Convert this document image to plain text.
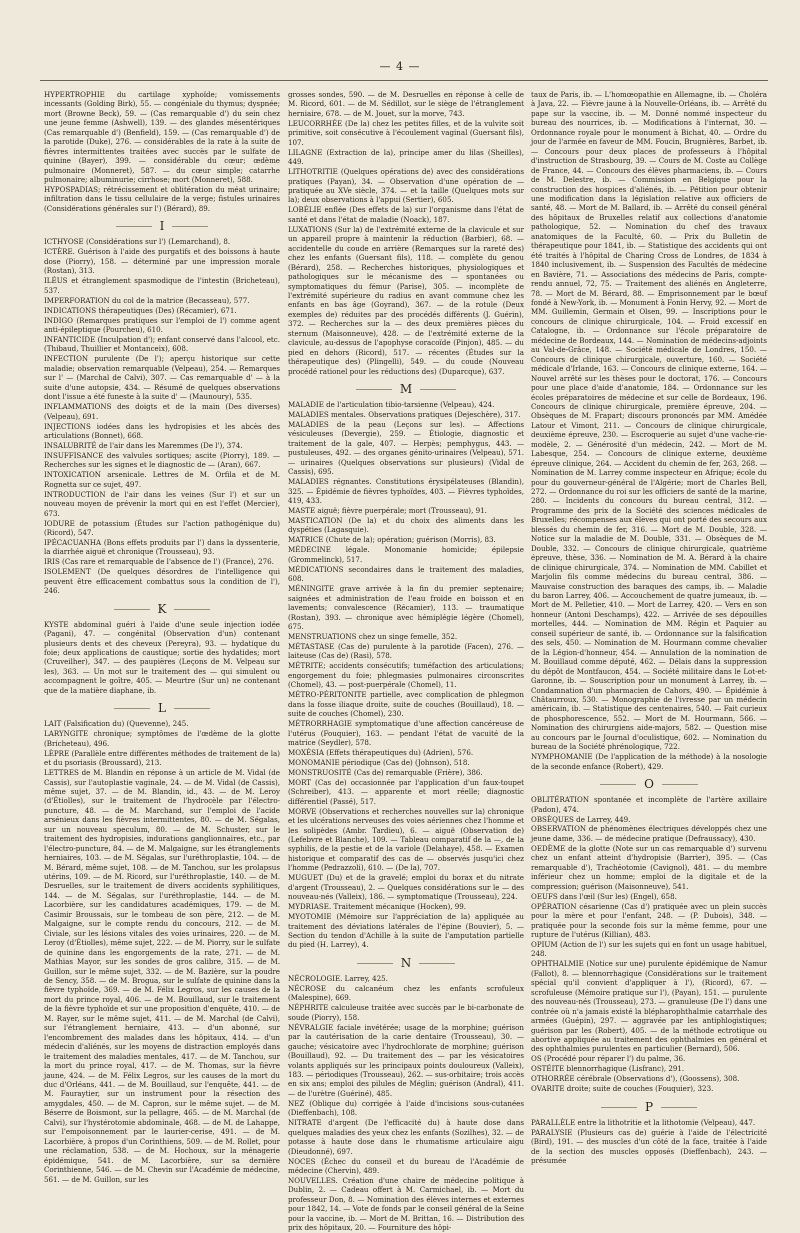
— 4 —

HYPERTROPHIE du cartilage xyphoïde; vomissements incessants (Golding Birk), 55. — congéniale du thymus; dyspnée; mort (Browne Beck), 59. — (Cas remarquable d') du sein chez une jeune femme (Ashwell), 139. — des glandes mésentériques (Cas remarquable d') (Benfield), 159. — (Cas remarquable d') de la parotide (Duke), 276. — considérables de la rate à la suite de fièvres intermittentes traitées avec succès par le sulfate de quinine (Bayer), 399. — considérable du cœur; œdème pulmonaire (Monneret), 587. — du cœur simple; catarrhe pulmonaire; albuminurie; cirrhose; mort (Monneret), 588.

HYPOSPADIAS; rétrécissement et oblitération du méat urinaire; infiltration dans le tissu cellulaire de la verge; fistules urinaires (Considérations générales sur l') (Bérard), 89.

I

ICTHYOSE (Considérations sur l') (Lemarchand), 8.

ICTÈRE. Guérison à l'aide des purgatifs et des boissons à haute dose (Piorry), 158. — déterminé par une impression morale (Rostan), 313.

ILÉUS et étranglement spasmodique de l'intestin (Bricheteau), 537.

IMPERFORATION du col de la matrice (Becasseau), 577.

INDICATIONS thérapeutiques (Des) (Récamier), 671.

INDIGO (Remarques pratiques sur l'emploi de l') comme agent anti-épileptique (Pourcheu), 610.

INFANTICIDE (Inculpation d'); enfant conservé dans l'alcool, etc. (Thibaud, Thuillier et Montanceix), 608.

INFECTION purulente (De l'); aperçu historique sur cette maladie; observation remarquable (Velpeau), 254. — Remarques sur l' — (Marchal de Calvi), 307. — Cas remarquable d' — à la suite d'une autopsie, 434. — Résumé de quelques observations dont l'issue a été funeste à la suite d' — (Maunoury), 535.

INFLAMMATIONS des doigts et de la main (Des diverses) (Velpeau), 691.

INJECTIONS iodées dans les hydropisies et les abcès des articulations (Bonnet), 668.

INSALUBRITÉ de l'air dans les Maremmes (De l'), 374.

INSUFFISANCE des valvules sortiques; ascite (Piorry), 189. — Recherches sur les signes et le diagnostic de — (Aran), 667.

INTOXICATION arsenicale. Lettres de M. Orfila et de M. Rognetta sur ce sujet, 497.

INTRODUCTION de l'air dans les veines (Sur l') et sur un nouveau moyen de prévenir la mort qui en est l'effet (Mercier), 673.

IODURE de potassium (Études sur l'action pathogénique du) (Ricord), 547.

IPÉCACUANHA (Bons effets produits par l') dans la dyssenterie, la diarrhée aiguë et chronique (Trousseau), 93.

IRIS (Cas rare et remarquable de l'absence de l') (France), 276.

ISOLEMENT (De quelques désordres de l'intelligence qui peuvent être efficacement combattus sous la condition de l'), 246.

K

KYSTE abdominal guéri à l'aide d'une seule injection iodée (Pagani), 47. — congénital (Observation d'un) contenant plusieurs dents et des cheveux (Pereyra), 93. — hydatique du foie; deux applications de caustique; sortie des hydatides; mort (Cruveilher), 347. — des paupières (Leçons de M. Velpeau sur les), 363. — Un mot sur le traitement des — qui simulent ou accompagnent le goître, 405. — Meurtre (Sur un) ne contenant que de la matière diaphane, ib.

L

LAIT (Falsification du) (Quevenne), 245.

LARYNGITE chronique; symptômes de l'œdème de la glotte (Bricheteau), 496.

LÈPRE (Parallèle entre différentes méthodes de traitement de la) et du psoriasis (Broussard), 213.

LETTRES de M. Blandin en réponse à un article de M. Vidal (de Cassis), sur l'autoplastie vaginale, 24. — de M. Vidal (de Cassis), même sujet, 37. — de M. Blandin, id., 43. — de M. Leroy (d'Étiolles), sur le traitement de l'hydrocèle par l'électro-puncture, 48. — de M. Marchand, sur l'emploi de l'acide arsénieux dans les fièvres intermittentes, 80. — de M. Ségalas, sur un nouveau speculum, 80. — de M. Schuster, sur le traitement des hydropisies, indurations ganglionnaires, etc., par l'électro-puncture, 84. — de M. Malgaigne, sur les étranglements herniaires, 103. — de M. Ségalas, sur l'uréthroplastie, 104. — de M. Bérard, même sujet, 108. — de M. Tanchou, sur les prolapsus utérins, 109. — de M. Ricord, sur l'uréthroplastie, 140. — de M. Desruelles, sur le traitement de divers accidents syphilitiques, 144. — de M. Ségalas, sur l'uréthroplastie, 144. — de M. Lacorbière, sur les candidatures académiques, 179. — de M. Casimir Broussais, sur le tombeau de son père, 212. — de M. Malgaigne, sur le compte rendu du concours, 212. — de M. Civiale, sur les lésions vitales des voies urinaires, 220. — de M. Leroy (d'Étiolles), même sujet, 222. — de M. Piorry, sur le sulfate de quinine dans les engorgements de la rate, 271. — de M. Mathias Mayor, sur les sondes de gros calibre, 315. — de M. Guillon, sur le même sujet, 332. — de M. Bazière, sur la poudre de Sency, 358. — de M. Brogua, sur le sulfate de quinine dans la fièvre typhoïde, 369. — de M. Félix Legros, sur les causes de la mort du prince royal, 406. — de M. Bouillaud, sur le traitement de la fièvre typhoïde et sur une proposition d'enquête, 410. — de M. Rayer, sur le même sujet, 411. — de M. Marchal (de Calvi), sur l'étranglement herniaire, 413. — d'un abonné, sur l'encombrement des malades dans les hôpitaux, 414. — d'un médecin d'aliénés, sur les moyens de distraction employés dans le traitement des maladies mentales, 417. — de M. Tanchou, sur la mort du prince royal, 417. — de M. Thomas, sur la fièvre jaune, 424. — de M. Félix Legros, sur les causes de la mort du duc d'Orléans, 441. — de M. Bouillaud, sur l'enquête, 441. — de M. Fauraytier, sur un instrument pour la résection des amygdales, 450. — de M. Capron, sur le même sujet. — de M. Béserre de Boismont, sur la pellagre, 465. — de M. Marchal (de Calvi), sur l'hystérotomie abdominale, 468. — de M. de Lahappe, sur l'empoisonnement par le laurier-cerise, 491. — de M. Lacorbière, à propos d'un Corinthiens, 509. — de M. Rollet, pour une réclamation, 538. — de M. Hochoux, sur la ménagerie épidémique, 541. de M. Lacorbière, sur sa dernière Corinthienne, 546. — de M. Chevin sur l'Académie de médecine, 561. — de M. Guillon, sur les

grosses sondes, 590. — de M. Desruelles en réponse à celle de M. Ricord, 601. — de M. Sédillot, sur le siège de l'étranglement herniaire, 678. — de M. Jouet, sur la morve, 743.

LEUCORRHÉE (De la) chez les petites filles, et de la vulvite soit primitive, soit consécutive à l'écoulement vaginal (Guersant fils), 107.

LILAGNE (Extraction de la), principe amer du lilas (Sheilles), 449.

LITHOTRITIE (Quelques opérations de) avec des considérations pratiques (Payan), 34. — Observation d'une opération de — pratiquée au XVe siècle, 374. — et la taille (Quelques mots sur la); deux observations à l'appui (Sertier), 605.

LOBÉLIE enflée (Des effets de la) sur l'organisme dans l'état de santé et dans l'état de maladie (Noack), 187.

LUXATIONS (Sur la) de l'extrémité externe de la clavicule et sur un appareil propre à maintenir la réduction (Barbier), 68. — accidentelle du coude en arrière (Remarques sur la rareté des) chez les enfants (Guersant fils), 118. — complète du genou (Bérard), 258. — Recherches historiques, physiologiques et pathologiques sur le mécanisme des — spontanées ou symptomatiques du fémur (Parise), 305. — incomplète de l'extrémité supérieure du radius en avant commune chez les enfants en bas âge (Goyrand), 367. — de la rotule (Deux exemples de) réduites par des procédés différents (J. Guérin), 372. — Recherches sur la — des deux premières pièces du sternum (Maisonneuve), 428. — de l'extrémité externe de la clavicule, au-dessus de l'apophyse coracoïde (Pinjon), 485. — du pied en dehors (Ricord), 517. — récentes (Études sur la thérapeutique des) (Plingelli), 549. — du coude (Nouveau procédé rationel pour les réductions des) (Duparcque), 637.

M

MALADIE de l'articulation tibio-tarsienne (Velpeau), 424.

MALADIES mentales. Observations pratiques (Dejeschère), 317.

MALADIES de la peau (Leçons sur les). — Affections vésiculeuses (Devergie), 259. — Étiologie, diagnostic et traitement de la gale, 407. — Herpès; pemphygus, 443. — pustuleuses, 492. — des organes génito-urinaires (Velpeau), 571. — urinaires (Quelques observations sur plusieurs) (Vidal de Cassis), 695.

MALADIES régnantes. Constitutions érysipélateuses (Blandin), 325. — Épidémie de fièvres typhoïdes, 403. — Fièvres typhoïdes, 419, 433.

MASTE aiguë; fièvre puerpérale; mort (Trousseau), 91.

MASTICATION (De la) et du choix des aliments dans les dyspéties (Lagasquie).

MATRICE (Chute de la); opération; guérison (Morris), 83.

MÉDECINE légale. Monomanie homicide; épilepsie (Grommelinck), 517.

MÉDICATIONS secondaires dans le traitement des maladies, 608.

MÉNINGITE grave arrivée à la fin du premier septenaire; saignées et administration de l'eau froide en boisson et en lavements; convalescence (Récamier), 113. — traumatique (Rostan), 393. — chronique avec hémiplégie légère (Chomel), 675.

MENSTRUATIONS chez un singe femelle, 352.

MÉTASTASE (Cas de) purulente à la parotide (Facen), 276. — laiteuse (Cas de) (Rasi), 578.

MÉTRITE; accidents consécutifs; tuméfaction des articulations; engorgement du foie; phlegmasies pulmonaires circonscrites (Chomel), 43. — post-puerpérale (Chomel), 11.

MÉTRO-PÉRITONITE partielle, avec complication de phlegmon dans la fosse iliaque droite, suite de couches (Bouillaud), 18. — suite de couches (Chomel), 230.

MÉTRORRHAGIE symptomatique d'une affection cancéreuse de l'utérus (Fouquier), 163. — pendant l'état de vacuité de la matrice (Seydler), 578.

MOXÉSIA (Effets thérapeutiques du) (Adrien), 576.

MONOMANIE périodique (Cas de) (Johnson), 518.

MONSTRUOSITÉ (Cas de) remarquable (Frière), 386.

MORT (Cas de) occasionnée par l'application d'un faux-toupet (Schreiber), 413. — apparente et mort réelle; diagnostic différentiel (Passé), 517.

MORVE (Observations et recherches nouvelles sur la) chronique et les ulcérations nerveuses des voies aériennes chez l'homme et les solipèdes (Ambr. Tardieu), 6. — aiguë (Observation de) (Lefebvre et Blanche), 109. — Tableau comparatif de la —, de la syphilis, de la pestie et de la variole (Delahaye), 458. — Examen historique et comparatif des cas de — observés jusqu'ici chez l'homme (Pedrazzoli), 610. — (De la), 707.

MUGUET (Du) et de la gravelé; emploi du borax et du nitrate d'argent (Trousseau), 2. — Quelques considérations sur le — des nouveau-nés (Valleix), 186. — symptomatique (Trousseau), 224.

MYDRIASE. Traitement mécanique (Hocken), 99.

MYOTOMIE (Mémoire sur l'appréciation de la) appliquée au traitement des déviations latérales de l'épine (Bouvier), 5. — Section du tendon d'Achille à la suite de l'amputation partielle du pied (H. Larrey), 4.

N

NÉCROLOGIE. Larrey, 425.

NÉCROSE du calcanéum chez les enfants scrofuleux (Malespine), 669.

NÉPHRITE calculeuse traitée avec succès par le bi-carbonate de soude (Piorry), 158.

NÉVRALGIE faciale invétérée; usage de la morphine; guérison par la cautérisation de la carie dentaire (Trousseau), 30. — gauche; vésicatoire avec l'hydrochlorate de morphine; guérison (Bouillaud), 92. — Du traitement des — par les vésicatoires volants appliqués sur les principaux points douloureux (Valleix), 183. — périodiques (Trousseau), 262. — sus-orbitaire; trois accès en six ans; emploi des pilules de Méglin; guérison (Andral), 411. — de l'urètre (Guériné), 485.

NEZ (Oblique du) corrigée à l'aide d'incisions sous-cutanées (Dieffenbach), 108.

NITRATE d'argent (De l'efficacité du) à haute dose dans quelques maladies des yeux chez les enfants (Sozilhes), 32. — de potasse à haute dose dans le rhumatisme articulaire aigu (Dieudonné), 697.

NOCES (Échec du conseil et du bureau de l'Académie de médecine (Chervin), 489.

NOUVELLES. Création d'une chaire de médecine politique à Dublin, 2. — Cadeau offert à M. Carmichael, ib. — Mort du professeur Don, 8. — Nomination des élèves internes et externes pour 1842, 14. — Vote de fonds par le conseil général de la Seine pour la vaccine, ib. — Mort de M. Brittan, 16. — Distribution des prix des hôpitaux, 20. — Fourniture des hôpi-

taux de Paris, ib. — L'homœopathie en Allemagne, ib. — Choléra à Java, 22. — Fièvre jaune à la Nouvelle-Orléans, ib. — Arrêté du pape sur la vaccine, ib. — M. Donné nommé inspecteur du bureau des nourrices, ib. — Modifications à l'internat, 30. — Ordonnance royale pour le monument à Bichat, 40. — Ordre du jour de l'armée en faveur de MM. Foucin, Brugnières, Barbet, ib. — Concours pour deux places de professeurs à l'hôpital d'instruction de Strasbourg, 39. — Cours de M. Coste au Collège de France, 44. — Concours des élèves pharmaciens, ib. — Cours de M. Delestre, ib. — Commission en Belgique pour la construction des hospices d'aliénés, ib. — Pétition pour obtenir une modification dans la législation relative aux officiers de santé, 48. — Mort de M. Ballard, ib. — Arrêté du conseil général des hôpitaux de Bruxelles relatif aux collections d'anatomie pathologique, 52. — Nomination du chef des travaux anatomiques de la Faculté, 60. — Prix du Bulletin de thérapeutique pour 1841, ib. — Statistique des accidents qui ont été traités à l'hôpital de Charing Cross de Londres, de 1834 à 1840 inclusivement, ib. — Suspension des Facultés de médecine en Bavière, 71. — Associations des médecins de Paris, compte-rendu annuel, 72, 75. — Traitement des aliénés en Angleterre, 78. — Mort de M. Bérard, 88. — Emprisonnement par le bœuf fondé à New-York, ib. — Monument à Fonin Hervy, 92. — Mort de MM. Guillemin, Germain et Olsen, 99. — Inscriptions pour le concours de clinique chirurgicale, 104. — Froid excessif en Catalogne, ib. — Ordonnance sur l'école préparatoire de médecine de Bordeaux, 144. — Nomination de médecins-adjoints au Val-de-Grâce, 148. — Société médicale de Londres, 150. — Concours de clinique chirurgicale, ouverture, 160. — Société médicale d'Irlande, 163. — Concours de clinique externe, 164. — Nouvel arrêté sur les thèses pour le doctorat, 176. — Concours pour une place d'aide d'anatomie, 184. — Ordonnance sur les écoles préparatoires de médecine et sur celle de Bordeaux, 196. Concours de clinique chirurgicale, première épreuve, 204. — Obsèques de M. Frapart; discours prononcés par MM. Amédée Latour et Vimont, 211. — Concours de clinique chirurgicale, deuxième épreuve, 230. — Escroquerie au sujet d'une vache-rie-modèle, 2. — Générosité d'un médecin, 242. — Mort de M. Labesque, 254. — Concours de clinique externe, deuxième épreuve clinique, 264. — Accident du chemin de fer, 263, 268. — Nomination de M. Larrey comme inspecteur en Afrique; école du pour du gouverneur-général de l'Algérie; mort de Charles Bell, 272. — Ordonnance du roi sur les officiers de santé de la marine, 280. — Incidents du concours du bureau central, 312. — Programme des prix de la Société des sciences médicales de Bruxelles; récompenses aux élèves qui ont porté des secours aux blessés du chemin de fer, 316. — Mort de M. Double, 328. — Notice sur la maladie de M. Double, 331. — Obsèques de M. Double, 332. — Concours de clinique chirurgicale, quatrième épreuve, thèse, 336. — Nomination de M. A. Bérard à la chaire de clinique chirurgicale, 374. — Nomination de MM. Cabillet et Marjolin fils comme médecins du bureau central, 386. — Mauvaise construction des baraques des camps, ib. — Maladie du baron Larrey, 406. — Accouchement de quatre jumeaux, ib. — Mort de M. Pelletier, 410. — Mort de Larrey, 420. — Vers en son honneur (Antoni Deschamps), 422. — Arrivée de ses dépouilles mortelles, 444. — Nomination de MM. Régin et Paquier au conseil supérieur de santé, ib. — Ordonnance sur la falsification des sels, 450. — Nomination de M. Hourmann comme chevalier de la Légion-d'honneur, 454. — Annulation de la nomination de M. Bouillaud comme député, 462. — Délais dans la suppression du dépôt de Montfaucon, 454. — Société militaire dans le Lot-et-Garonne, ib. — Souscription pour un monument à Larrey, ib. — Condamnation d'un pharmacien de Cahors, 490. — Épidémie à Châtaurroux, 530. — Monographie de l'ivresse par un médecin américain, ib. — Statistique des centenaires, 540. — Fait curieux de phosphorescence, 552. — Mort de M. Hourmann, 566. — Nomination des chirurgiens aide-majors, 582. — Question mise au concours par le Journal d'oculistique, 602. — Nomination du bureau de la Société phrénologique, 722.

NYMPHOMANIE (De l'application de la méthode) à la nosologie de la seconde enfance (Robert), 429.

O

OBLITÉRATION spontanée et incomplète de l'artère axillaire (Padon), 474.

OBSÈQUES de Larrey, 449.

OBSERVATION de phénomènes électriques développés chez une jeune dame, 336. — de médecine pratique (Defraussacy), 430.

OEDÈME de la glotte (Note sur un cas remarquable d') survenu chez un enfant atteint d'hydropisie (Barrier), 395. — (Cas remarquable d'), Trachéotomie (Cavignol), 481. — du membre inférieur chez un homme; emploi de la digitale et de la compression; guérison (Maisonneuve), 541.

OEUFS dans l'œil (Sur les) (Engel), 658.

OPÉRATION césarienne (Cas d') pratiquée avec un plein succès pour la mère et pour l'enfant, 248. — (P. Dubois), 348. — pratiquée pour la seconde fois sur la même femme, pour une rupture de l'utérus (Killian), 483.

OPIUM (Action de l') sur les sujets qui en font un usage habituel, 248.

OPHTHALMIE (Notice sur une) purulente épidémique de Namur (Fallot), 8. — blennorrhagique (Considérations sur le traitement spécial qu'il convient d'appliquer à l'), (Ricord), 67. — scrofuleuse (Mémoire pratique sur l'), (Payan), 151. — purulente des nouveau-nés (Trousseau), 273. — granuleuse (De l') dans une contrée où n'a jamais existé la blépharophthalmie catarrhale des armées (Guépin), 297. — aggravée par les antiphlogistiques; guérison par les (Robert), 405. — de la méthode ectrotique ou abortive appliquée au traitement des ophthalmies en général et des ophthalmies purulentes en particulier (Bernard), 506.

OS (Procédé pour réparer l') du palme, 36.

OSTÉITE blennorrhagique (Lisfranc), 291.

OTHORRÉE cérébrale (Observations d'), (Goossens), 308.

OVARITE droite; suite de couches (Fouquier), 323.

P

PARALLÈLE entre la lithotritie et la lithotomie (Velpeau), 447.

PARALYSIE (Plusieurs cas de) guérie à l'aide de l'électricité (Bird), 191. — des muscles d'un côté de la face, traitée à l'aide de la section des muscles opposés (Dieffenbach), 243. — présumée
